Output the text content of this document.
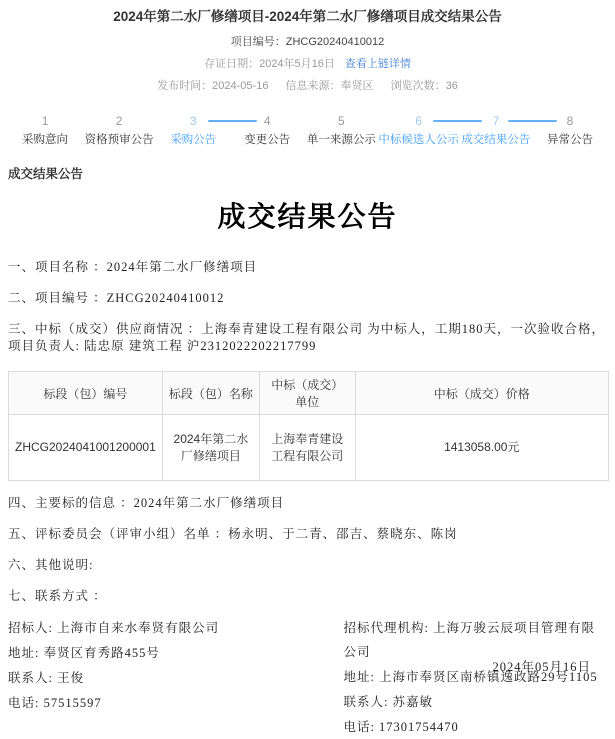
2024年第二水厂修缮项目-2024年第二水厂修缮项目成交结果公告
项目编号：ZHCG20240410012
存证日期：2024年5月16日 查看上链详情
发布时间：2024-05-16 信息来源：奉贤区 浏览次数：36
1
采购意向
2
资格预审公告
3
采购公告
4
变更公告
5
单一来源公示
6
中标候选人公示
7
成交结果公告
8
异常公告
成交结果公告
成交结果公告
一、项目名称 ：2024年第二水厂修缮项目
二、项目编号 ：ZHCG20240410012
三、中标（成交）供应商情况 ：上海奉青建设工程有限公司 为中标人，工期180天，一次验收合格，项目负责人: 陆忠原 建筑工程 沪2312022202217799
标段（包）编号	标段（包）名称	中标（成交）单位	中标（成交）价格
ZHCG2024041001200001	2024年第二水厂修缮项目	上海奉青建设工程有限公司	1413058.00元
四、主要标的信息 ：2024年第二水厂修缮项目
五、评标委员会（评审小组）名单 ：杨永明、于二青、邵吉、蔡晓东、陈岗
六、其他说明:
七、联系方式 ：
招标人: 上海市自来水奉贤有限公司
地址: 奉贤区育秀路455号
联系人: 王俊
电话: 57515597
招标代理机构: 上海万骏云辰项目管理有限公司
地址: 上海市奉贤区南桥镇逸政路29号1105
联系人: 苏嘉敏
电话: 17301754470
2024年05月16日
